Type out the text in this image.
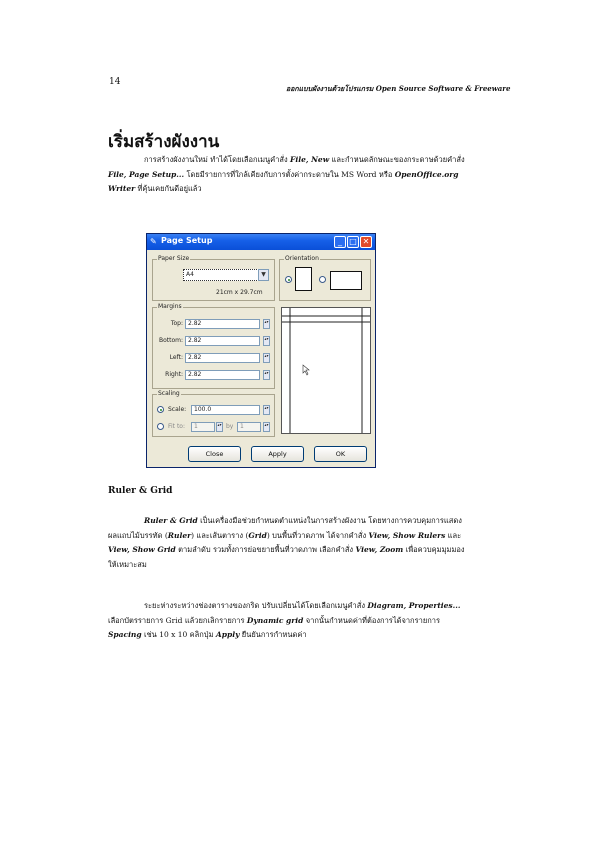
14
ออกแบบผังงานด้วยโปรแกรม Open Source Software & Freeware
เริ่มสร้างผังงาน
การสร้างผังงานใหม่ ทำได้โดยเลือกเมนูคำสั่ง File, New และกำหนดลักษณะของกระดาษด้วยคำสั่ง File, Page Setup... โดยมีรายการที่ใกล้เคียงกับการตั้งค่ากระดาษใน MS Word หรือ OpenOffice.org Writer ที่คุ้นเคยกันดีอยู่แล้ว
✎ Page Setup	_ □ ✕
Paper Size
A4	▼
21cm x 29.7cm
Orientation
Margins
Top: 2.82	▴▾
Bottom: 2.82	▴▾
Left: 2.82	▴▾
Right: 2.82	▴▾
Scaling
Scale:	100.0	▴▾
Fit to:	1	▴▾ by	1	▴▾
Close	Apply	OK
Ruler & Grid
Ruler & Grid เป็นเครื่องมือช่วยกำหนดตำแหน่งในการสร้างผังงาน โดยทางการควบคุมการแสดงผลแถบไม้บรรทัด (Ruler) และเส้นตาราง (Grid) บนพื้นที่วาดภาพ ได้จากคำสั่ง View, Show Rulers และ View, Show Grid ตามลำดับ รวมทั้งการย่อขยายพื้นที่วาดภาพ เลือกคำสั่ง View, Zoom เพื่อควบคุมมุมมองให้เหมาะสม
ระยะห่างระหว่างช่องตารางของกริด ปรับเปลี่ยนได้โดยเลือกเมนูคำสั่ง Diagram, Properties... เลือกบัตรรายการ Grid แล้วยกเลิกรายการ Dynamic grid จากนั้นกำหนดค่าที่ต้องการได้จากรายการ Spacing เช่น 10 x 10 คลิกปุ่ม Apply ยืนยันการกำหนดค่า
